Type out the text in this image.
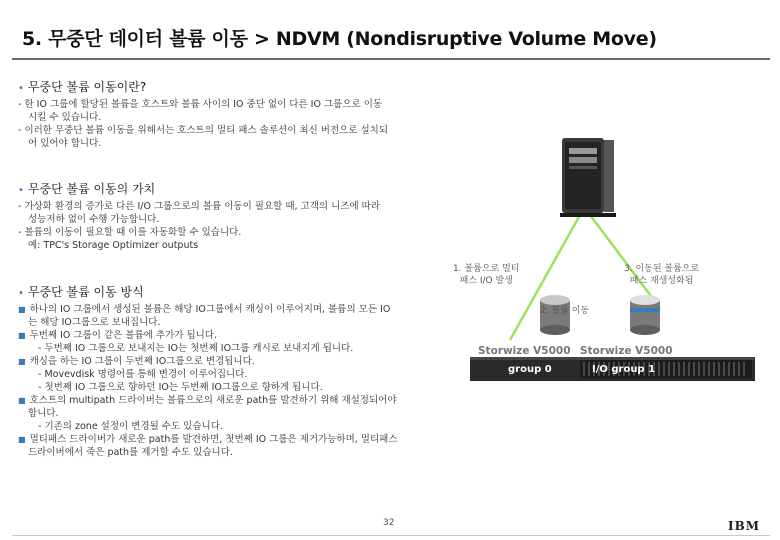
5. 무중단 데이터 볼륨 이동 > NDVM (Nondisruptive Volume Move)
• 무중단 볼륨 이동이란?
- 한 IO 그룹에 할당된 볼륨을 호스트와 볼륨 사이의 IO 중단 없이 다른 IO 그룹으로 이동
시킬 수 있습니다.
- 이러한 무중단 볼륨 이동을 위해서는 호스트의 멀티 패스 솔루션이 최신 버전으로 설치되
어 있어야 합니다.
• 무중단 볼륨 이동의 가치
- 가상화 환경의 증가로 다른 I/O 그룹으로의 볼륨 이동이 필요할 때, 고객의 니즈에 따라
성능저하 없이 수행 가능합니다.
- 볼륨의 이동이 필요할 때 이를 자동화할 수 있습니다.
예: TPC's Storage Optimizer outputs
• 무중단 볼륨 이동 방식
■ 하나의 IO 그룹에서 생성된 볼륨은 해당 IO그룹에서 캐싱이 이루어지며, 볼륨의 모든 IO
는 해당 IO그룹으로 보내집니다.
■ 두번째 IO 그룹이 같은 볼륨에 추가가 됩니다.
- 두번째 IO 그룹으로 보내지는 IO는 첫번째 IO그룹 캐시로 보내지게 됩니다.
■ 캐싱을 하는 IO 그룹이 두번째 IO그룹으로 변경됩니다.
- Movevdisk 명령어를 통해 변경이 이루어집니다.
- 첫번째 IO 그룹으로 향하던 IO는 두번째 IO그룹으로 향하게 됩니다.
■ 호스트의 multipath 드라이버는 볼륨으로의 새로운 path를 발견하기 위해 재설정되어야
합니다.
- 기존의 zone 설정이 변경될 수도 있습니다.
■ 멀티패스 드라이버가 새로운 path를 발견하면, 첫번째 IO 그룹은 제거가능하며, 멀티패스
드라이버에서 죽은 path를 제거할 수도 있습니다.
1. 볼륨으로 멀티
패스 I/O 발생
2. 볼륨 이동
3. 이동된 볼륨으로
패스 재생성화됨
Storwize V5000 Storwize V5000
group 0	I/O group 1
32	IBM
